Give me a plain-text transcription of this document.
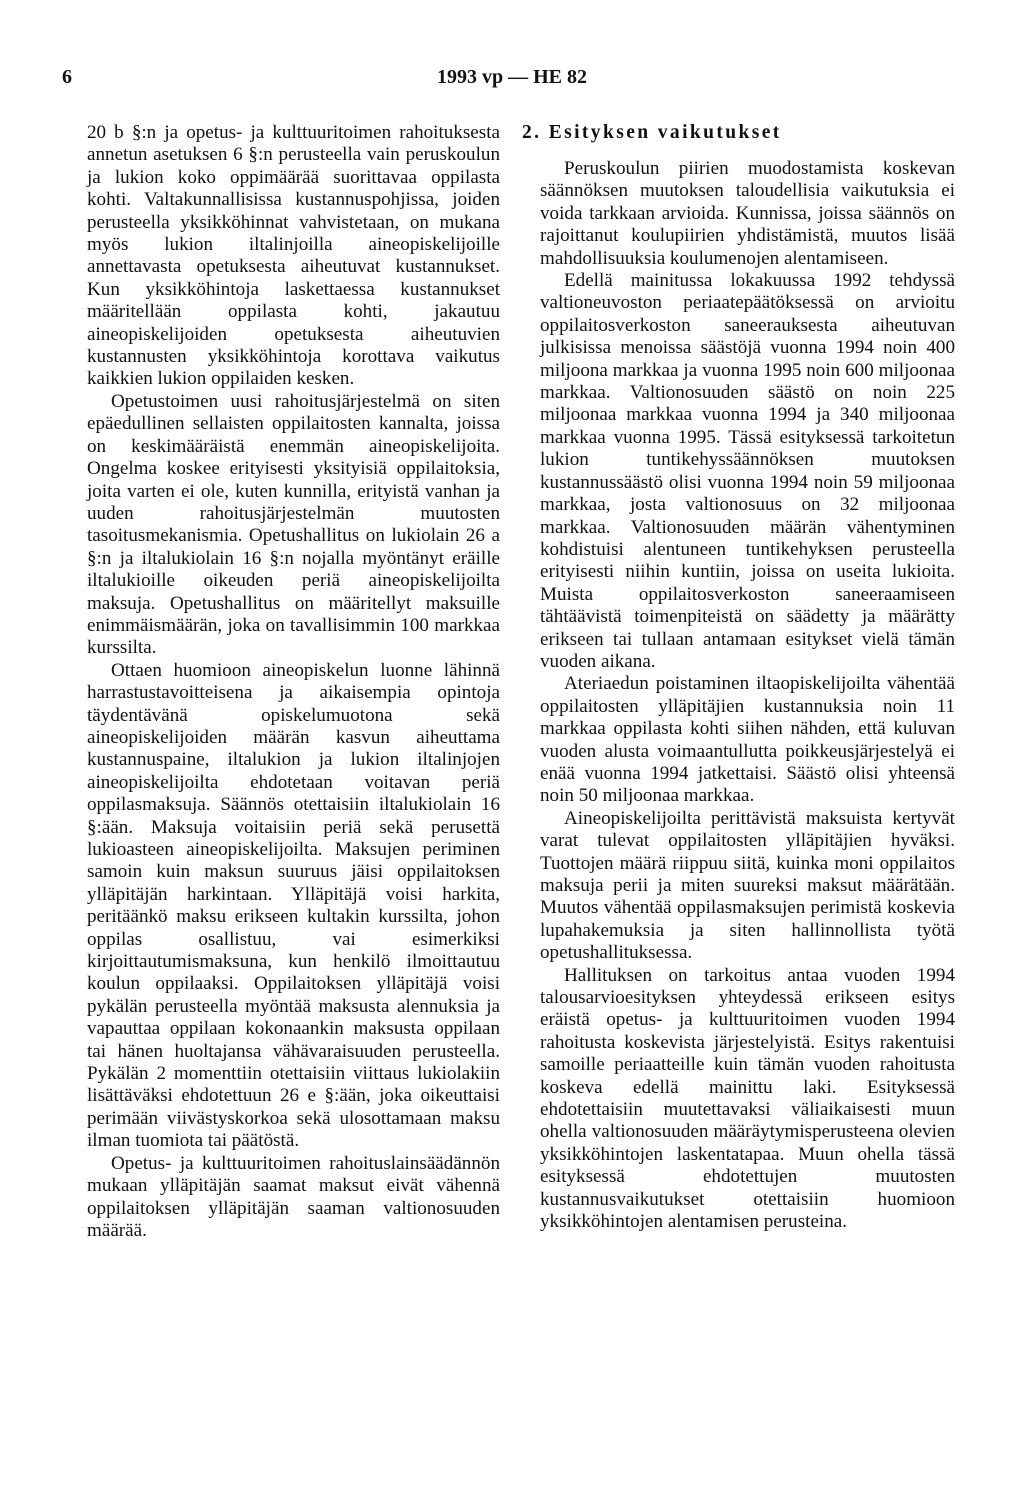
6	1993 vp — HE 82

20 b §:n ja opetus- ja kulttuuritoimen rahoituksesta annetun asetuksen 6 §:n perusteella vain peruskoulun ja lukion koko oppimäärää suorittavaa oppilasta kohti. Valtakunnallisissa kustannuspohjissa, joiden perusteella yksikköhinnat vahvistetaan, on mukana myös lukion iltalinjoilla aineopiskelijoille annettavasta opetuksesta aiheutuvat kustannukset. Kun yksikköhintoja laskettaessa kustannukset määritellään oppilasta kohti, jakautuu aineopiskelijoiden opetuksesta aiheutuvien kustannusten yksikköhintoja korottava vaikutus kaikkien lukion oppilaiden kesken.

Opetustoimen uusi rahoitusjärjestelmä on siten epäedullinen sellaisten oppilaitosten kannalta, joissa on keskimääräistä enemmän aineopiskelijoita. Ongelma koskee erityisesti yksityisiä oppilaitoksia, joita varten ei ole, kuten kunnilla, erityistä vanhan ja uuden rahoitusjärjestelmän muutosten tasoitusmekanismia. Opetushallitus on lukiolain 26 a §:n ja iltalukiolain 16 §:n nojalla myöntänyt eräille iltalukioille oikeuden periä aineopiskelijoilta maksuja. Opetushallitus on määritellyt maksuille enimmäismäärän, joka on tavallisimmin 100 markkaa kurssilta.

Ottaen huomioon aineopiskelun luonne lähinnä harrastustavoitteisena ja aikaisempia opintoja täydentävänä opiskelumuotona sekä aineopiskelijoiden määrän kasvun aiheuttama kustannuspaine, iltalukion ja lukion iltalinjojen aineopiskelijoilta ehdotetaan voitavan periä oppilasmaksuja. Säännös otettaisiin iltalukiolain 16 §:ään. Maksuja voitaisiin periä sekä perusettä lukioasteen aineopiskelijoilta. Maksujen periminen samoin kuin maksun suuruus jäisi oppilaitoksen ylläpitäjän harkintaan. Ylläpitäjä voisi harkita, peritäänkö maksu erikseen kultakin kurssilta, johon oppilas osallistuu, vai esimerkiksi kirjoittautumismaksuna, kun henkilö ilmoittautuu koulun oppilaaksi. Oppilaitoksen ylläpitäjä voisi pykälän perusteella myöntää maksusta alennuksia ja vapauttaa oppilaan kokonaankin maksusta oppilaan tai hänen huoltajansa vähävaraisuuden perusteella. Pykälän 2 momenttiin otettaisiin viittaus lukiolakiin lisättäväksi ehdotettuun 26 e §:ään, joka oikeuttaisi perimään viivästyskorkoa sekä ulosottamaan maksu ilman tuomiota tai päätöstä.

Opetus- ja kulttuuritoimen rahoituslainsäädännön mukaan ylläpitäjän saamat maksut eivät vähennä oppilaitoksen ylläpitäjän saaman valtionosuuden määrää.

2. Esityksen vaikutukset

Peruskoulun piirien muodostamista koskevan säännöksen muutoksen taloudellisia vaikutuksia ei voida tarkkaan arvioida. Kunnissa, joissa säännös on rajoittanut koulupiirien yhdistämistä, muutos lisää mahdollisuuksia koulumenojen alentamiseen.

Edellä mainitussa lokakuussa 1992 tehdyssä valtioneuvoston periaatepäätöksessä on arvioitu oppilaitosverkoston saneerauksesta aiheutuvan julkisissa menoissa säästöjä vuonna 1994 noin 400 miljoona markkaa ja vuonna 1995 noin 600 miljoonaa markkaa. Valtionosuuden säästö on noin 225 miljoonaa markkaa vuonna 1994 ja 340 miljoonaa markkaa vuonna 1995. Tässä esityksessä tarkoitetun lukion tuntikehyssäännöksen muutoksen kustannussäästö olisi vuonna 1994 noin 59 miljoonaa markkaa, josta valtionosuus on 32 miljoonaa markkaa. Valtionosuuden määrän vähentyminen kohdistuisi alentuneen tuntikehyksen perusteella erityisesti niihin kuntiin, joissa on useita lukioita. Muista oppilaitosverkoston saneeraamiseen tähtäävistä toimenpiteistä on säädetty ja määrätty erikseen tai tullaan antamaan esitykset vielä tämän vuoden aikana.

Ateriaedun poistaminen iltaopiskelijoilta vähentää oppilaitosten ylläpitäjien kustannuksia noin 11 markkaa oppilasta kohti siihen nähden, että kuluvan vuoden alusta voimaantullutta poikkeusjärjestelyä ei enää vuonna 1994 jatkettaisi. Säästö olisi yhteensä noin 50 miljoonaa markkaa.

Aineopiskelijoilta perittävistä maksuista kertyvät varat tulevat oppilaitosten ylläpitäjien hyväksi. Tuottojen määrä riippuu siitä, kuinka moni oppilaitos maksuja perii ja miten suureksi maksut määrätään. Muutos vähentää oppilasmaksujen perimistä koskevia lupahakemuksia ja siten hallinnollista työtä opetushallituksessa.

Hallituksen on tarkoitus antaa vuoden 1994 talousarvioesityksen yhteydessä erikseen esitys eräistä opetus- ja kulttuuritoimen vuoden 1994 rahoitusta koskevista järjestelyistä. Esitys rakentuisi samoille periaatteille kuin tämän vuoden rahoitusta koskeva edellä mainittu laki. Esityksessä ehdotettaisiin muutettavaksi väliaikaisesti muun ohella valtionosuuden määräytymisperusteena olevien yksikköhintojen laskentatapaa. Muun ohella tässä esityksessä ehdotettujen muutosten kustannusvaikutukset otettaisiin huomioon yksikköhintojen alentamisen perusteina.
